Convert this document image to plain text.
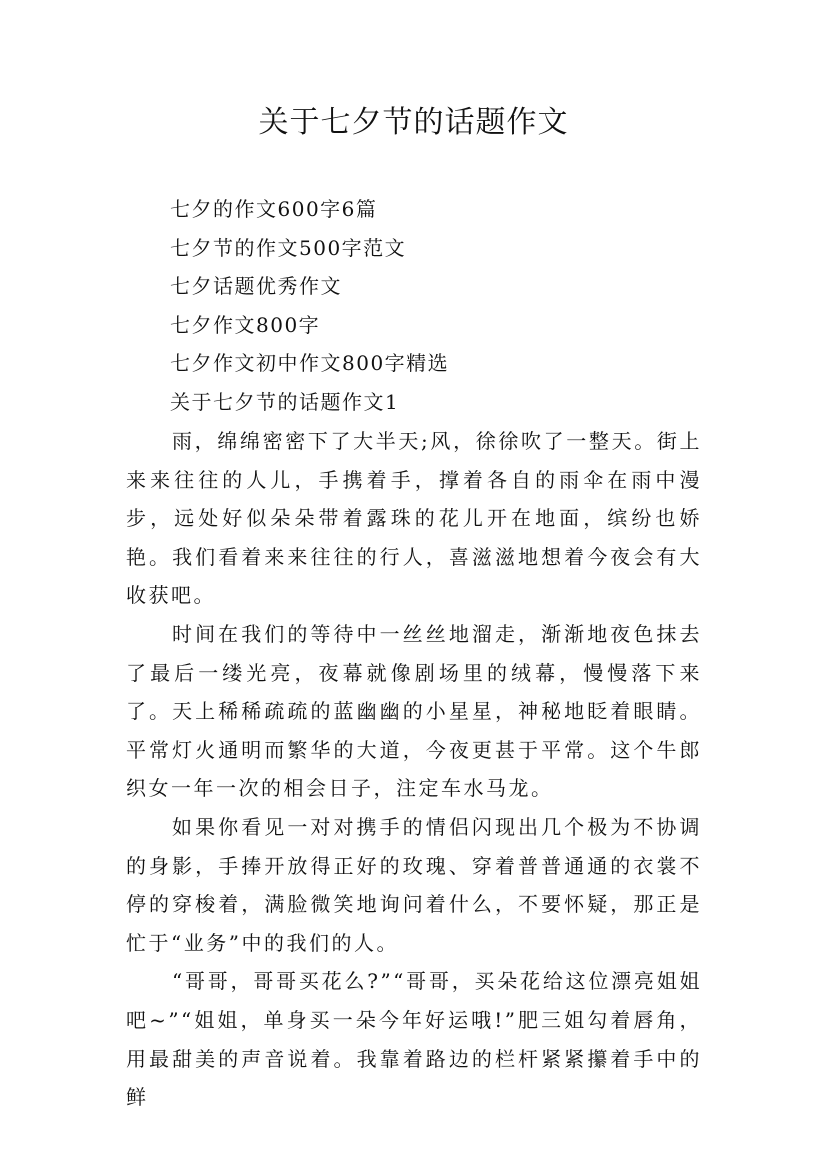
关于七夕节的话题作文
七夕的作文600字6篇
七夕节的作文500字范文
七夕话题优秀作文
七夕作文800字
七夕作文初中作文800字精选
关于七夕节的话题作文1

雨，绵绵密密下了大半天;风，徐徐吹了一整天。街上来来往往的人儿，手携着手，撑着各自的雨伞在雨中漫步，远处好似朵朵带着露珠的花儿开在地面，缤纷也娇艳。我们看着来来往往的行人，喜滋滋地想着今夜会有大收获吧。

时间在我们的等待中一丝丝地溜走，渐渐地夜色抹去了最后一缕光亮，夜幕就像剧场里的绒幕，慢慢落下来了。天上稀稀疏疏的蓝幽幽的小星星，神秘地眨着眼睛。平常灯火通明而繁华的大道，今夜更甚于平常。这个牛郎织女一年一次的相会日子，注定车水马龙。

如果你看见一对对携手的情侣闪现出几个极为不协调的身影，手捧开放得正好的玫瑰、穿着普普通通的衣裳不停的穿梭着，满脸微笑地询问着什么，不要怀疑，那正是忙于“业务”中的我们的人。

“哥哥，哥哥买花么?”“哥哥，买朵花给这位漂亮姐姐吧~”“姐姐，单身买一朵今年好运哦!”肥三姐勾着唇角，用最甜美的声音说着。我靠着路边的栏杆紧紧攥着手中的鲜
